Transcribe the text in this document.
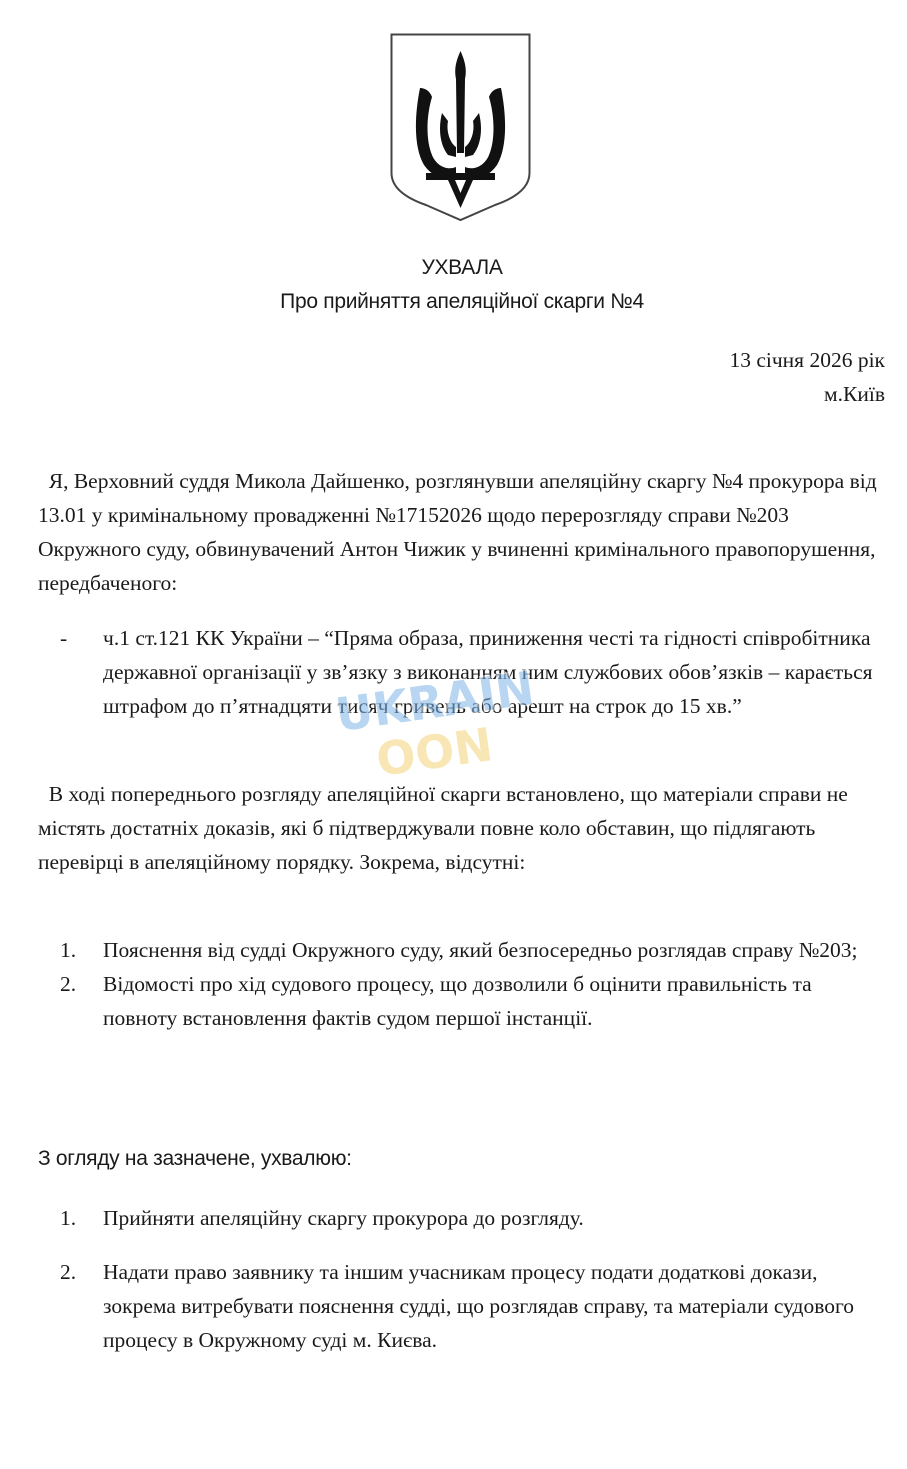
УХВАЛА
Про прийняття апеляційної скарги №4
13 січня 2026 рік
м.Київ

Я, Верховний суддя Микола Дайшенко, розглянувши апеляційну скаргу №4 прокурора від 13.01 у кримінальному провадженні №17152026 щодо перерозгляду справи №203 Окружного суду, обвинувачений Антон Чижик у вчиненні кримінального правопорушення, передбаченого:

-	ч.1 ст.121 КК України – “Пряма образа, приниження честі та гідності співробітника державної організації у зв’язку з виконанням ним службових обов’язків – карається штрафом до п’ятнадцяти тисяч гривень або арешт на строк до 15 хв.”

В ході попереднього розгляду апеляційної скарги встановлено, що матеріали справи не містять достатніх доказів, які б підтверджували повне коло обставин, що підлягають перевірці в апеляційному порядку. Зокрема, відсутні:

1.	Пояснення від судді Окружного суду, який безпосередньо розглядав справу №203;
2.	Відомості про хід судового процесу, що дозволили б оцінити правильність та повноту встановлення фактів судом першої інстанції.
З огляду на зазначене, ухвалюю:
1.	Прийняти апеляційну скаргу прокурора до розгляду.
2.	Надати право заявнику та іншим учасникам процесу подати додаткові докази, зокрема витребувати пояснення судді, що розглядав справу, та матеріали судового процесу в Окружному суді м. Києва.
UKRAINE
OON
